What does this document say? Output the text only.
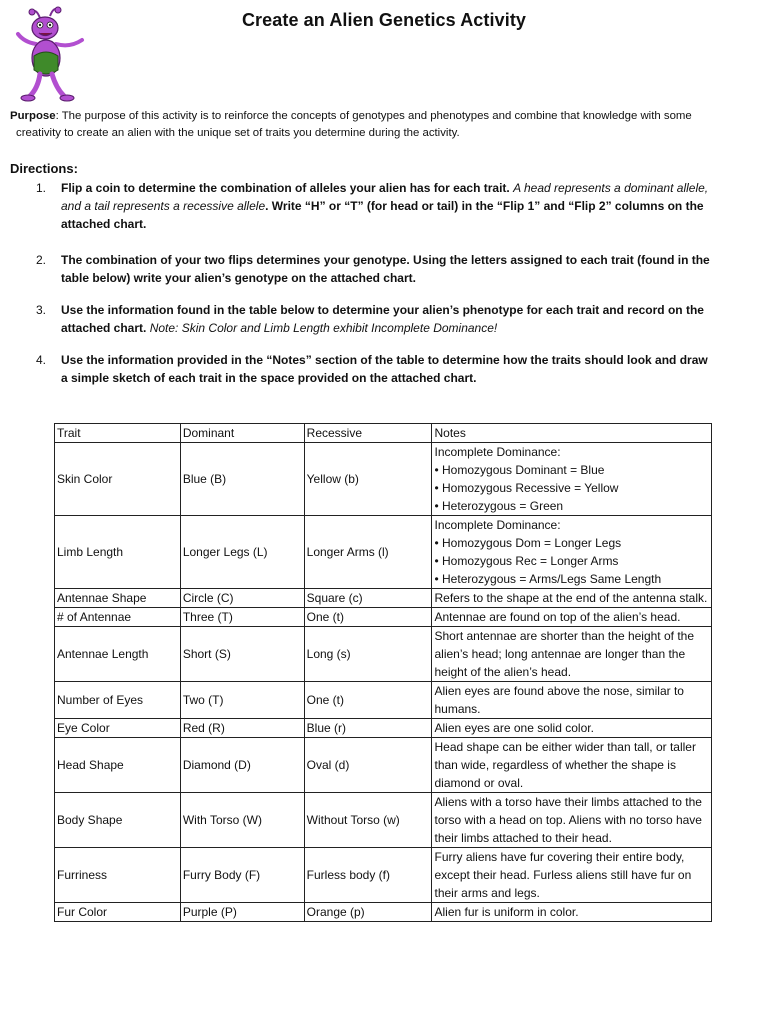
Create an Alien Genetics Activity
Purpose: The purpose of this activity is to reinforce the concepts of genotypes and phenotypes and combine that knowledge with some
creativity to create an alien with the unique set of traits you determine during the activity.
Directions:
1. Flip a coin to determine the combination of alleles your alien has for each trait. A head represents a dominant allele, and a tail represents a recessive allele. Write “H” or “T” (for head or tail) in the “Flip 1” and “Flip 2” columns on the attached chart.
2. The combination of your two flips determines your genotype. Using the letters assigned to each trait (found in the table below) write your alien’s genotype on the attached chart.
3. Use the information found in the table below to determine your alien’s phenotype for each trait and record on the attached chart. Note: Skin Color and Limb Length exhibit Incomplete Dominance!
4. Use the information provided in the “Notes” section of the table to determine how the traits should look and draw a simple sketch of each trait in the space provided on the attached chart.
Trait	Dominant	Recessive	Notes
Skin Color	Blue (B)	Yellow (b)	Incomplete Dominance:
• Homozygous Dominant = Blue
• Homozygous Recessive = Yellow
• Heterozygous = Green

Limb Length	Longer Legs (L)	Longer Arms (l)	Incomplete Dominance:
• Homozygous Dom = Longer Legs
• Homozygous Rec = Longer Arms
• Heterozygous = Arms/Legs Same Length

Antennae Shape	Circle (C)	Square (c)	Refers to the shape at the end of the antenna stalk.
# of Antennae	Three (T)	One (t)	Antennae are found on top of the alien’s head.
Antennae Length	Short (S)	Long (s)	Short antennae are shorter than the height of the alien’s head; long antennae are longer than the height of the alien’s head.
Number of Eyes	Two (T)	One (t)	Alien eyes are found above the nose, similar to humans.
Eye Color	Red (R)	Blue (r)	Alien eyes are one solid color.
Head Shape	Diamond (D)	Oval (d)	Head shape can be either wider than tall, or taller than wide, regardless of whether the shape is diamond or oval.
Body Shape	With Torso (W)	Without Torso (w)	Aliens with a torso have their limbs attached to the torso with a head on top. Aliens with no torso have their limbs attached to their head.
Furriness	Furry Body (F)	Furless body (f)	Furry aliens have fur covering their entire body, except their head. Furless aliens still have fur on their arms and legs.
Fur Color	Purple (P)	Orange (p)	Alien fur is uniform in color.
